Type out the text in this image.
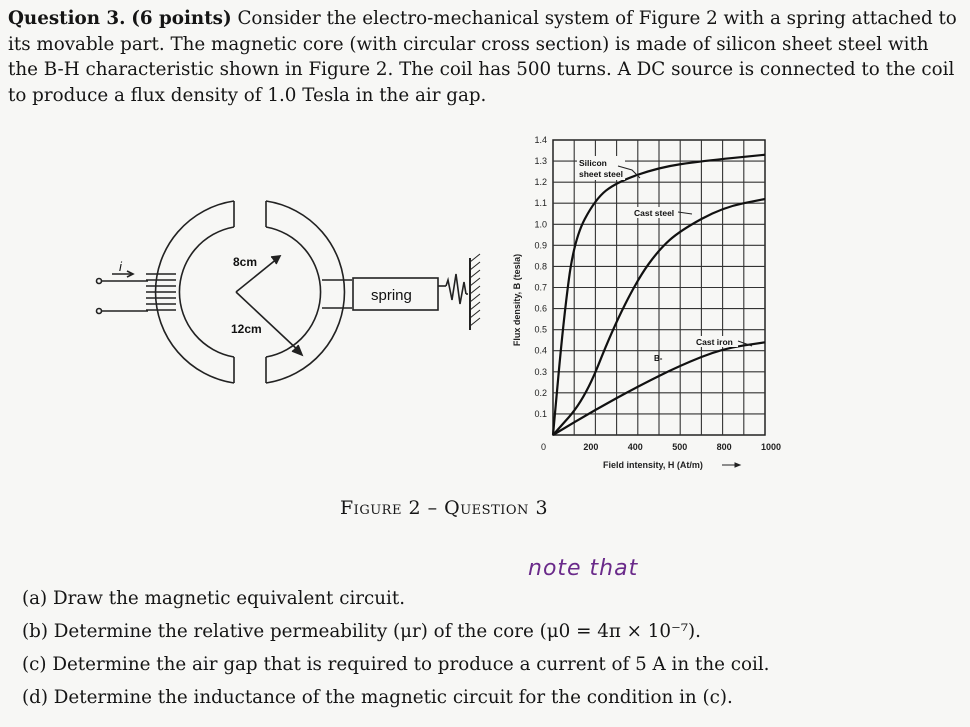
Question 3. (6 points) Consider the electro-mechanical system of Figure 2 with a spring attached to its movable part. The magnetic core (with circular cross section) is made of silicon sheet steel with the B-H characteristic shown in Figure 2. The coil has 500 turns. A DC source is connected to the coil to produce a flux density of 1.0 Tesla in the air gap.
8cm
12cm
i
spring
0.1
0.2
0.3
0.4
0.5
0.6
0.7
0.8
0.9
1.0
1.1
1.2
1.3
1.4
0	200	400	500	800	1000
Flux density, B (tesla)
Field intensity, H (At/m)
Silicon
sheet steel
Cast steel
Cast iron
B-
Figure 2 – Question 3
note that
(a) Draw the magnetic equivalent circuit.
(b) Determine the relative permeability (μr) of the core (μ0 = 4π × 10⁻⁷).
(c) Determine the air gap that is required to produce a current of 5 A in the coil.
(d) Determine the inductance of the magnetic circuit for the condition in (c).
